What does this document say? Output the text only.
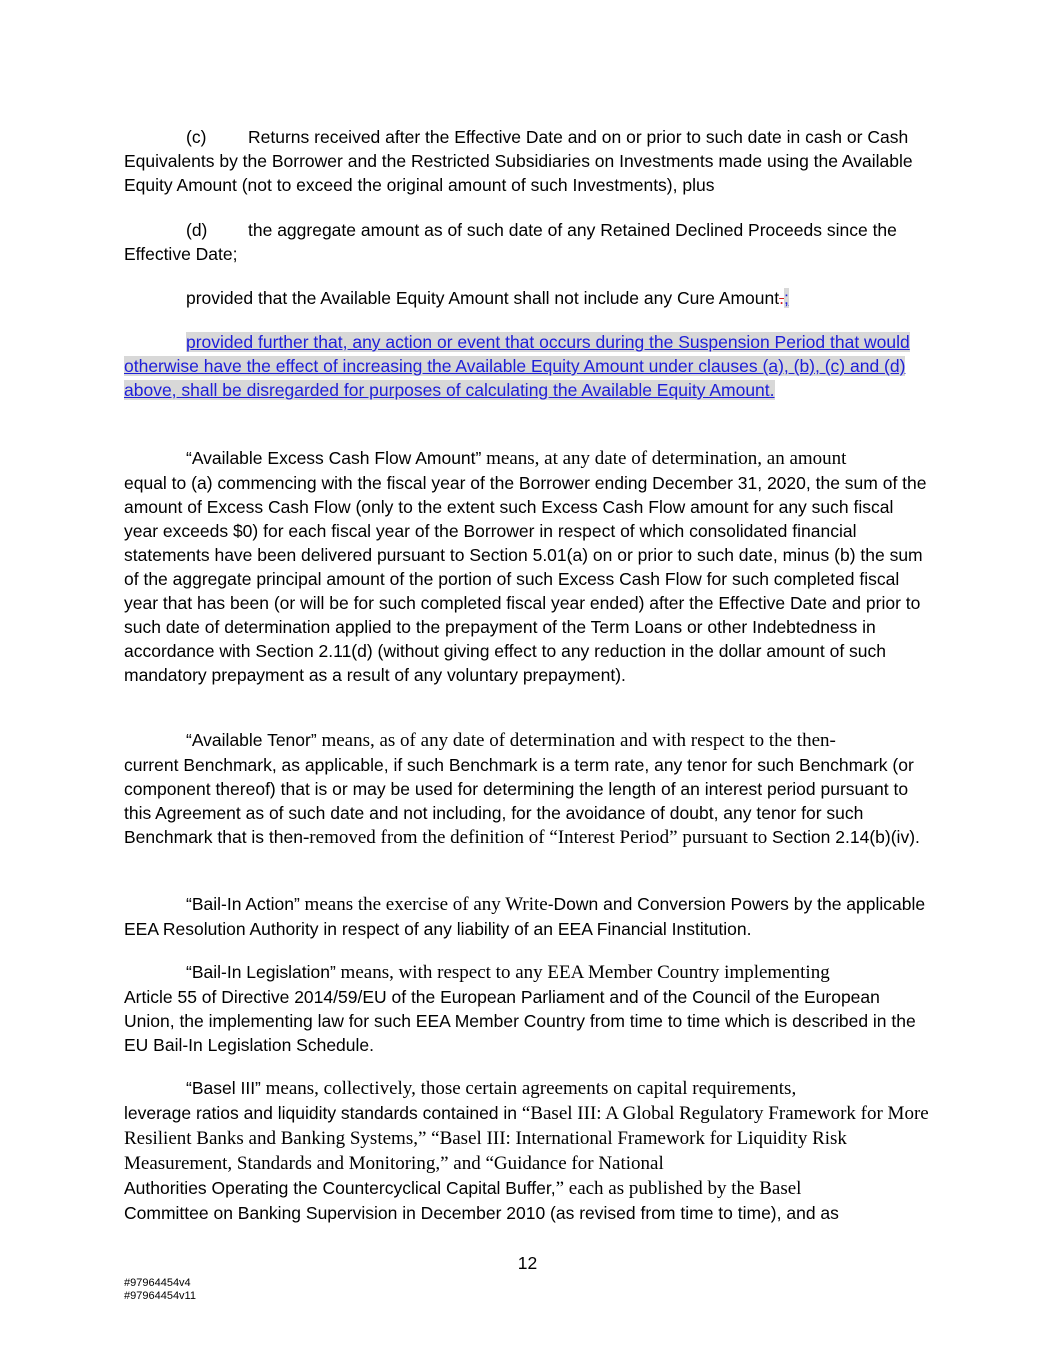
(c) Returns received after the Effective Date and on or prior to such date in cash or Cash Equivalents by the Borrower and the Restricted Subsidiaries on Investments made using the Available Equity Amount (not to exceed the original amount of such Investments), plus

(d) the aggregate amount as of such date of any Retained Declined Proceeds since the Effective Date;

provided that the Available Equity Amount shall not include any Cure Amount.;

provided further that, any action or event that occurs during the Suspension Period that would otherwise have the effect of increasing the Available Equity Amount under clauses (a), (b), (c) and (d) above, shall be disregarded for purposes of calculating the Available Equity Amount.

“Available Excess Cash Flow Amount” means, at any date of determination, an amount
equal to (a) commencing with the fiscal year of the Borrower ending December 31, 2020, the sum of the amount of Excess Cash Flow (only to the extent such Excess Cash Flow amount for any such fiscal year exceeds $0) for each fiscal year of the Borrower in respect of which consolidated financial statements have been delivered pursuant to Section 5.01(a) on or prior to such date, minus (b) the sum of the aggregate principal amount of the portion of such Excess Cash Flow for such completed fiscal year that has been (or will be for such completed fiscal year ended) after the Effective Date and prior to such date of determination applied to the prepayment of the Term Loans or other Indebtedness in accordance with Section 2.11(d) (without giving effect to any reduction in the dollar amount of such mandatory prepayment as a result of any voluntary prepayment).

“Available Tenor” means, as of any date of determination and with respect to the then-
current Benchmark, as applicable, if such Benchmark is a term rate, any tenor for such Benchmark (or component thereof) that is or may be used for determining the length of an interest period pursuant to this Agreement as of such date and not including, for the avoidance of doubt, any tenor for such Benchmark that is then-removed from the definition of “Interest Period” pursuant to Section 2.14(b)(iv).

“Bail-In Action” means the exercise of any Write-Down and Conversion Powers by the applicable EEA Resolution Authority in respect of any liability of an EEA Financial Institution.

“Bail-In Legislation” means, with respect to any EEA Member Country implementing
Article 55 of Directive 2014/59/EU of the European Parliament and of the Council of the European Union, the implementing law for such EEA Member Country from time to time which is described in the EU Bail-In Legislation Schedule.

“Basel III” means, collectively, those certain agreements on capital requirements,
leverage ratios and liquidity standards contained in “Basel III: A Global Regulatory Framework for More Resilient Banks and Banking Systems,” “Basel III: International Framework for Liquidity Risk Measurement, Standards and Monitoring,” and “Guidance for National
Authorities Operating the Countercyclical Capital Buffer,” each as published by the Basel
Committee on Banking Supervision in December 2010 (as revised from time to time), and as

12
#97964454v4
#97964454v11
